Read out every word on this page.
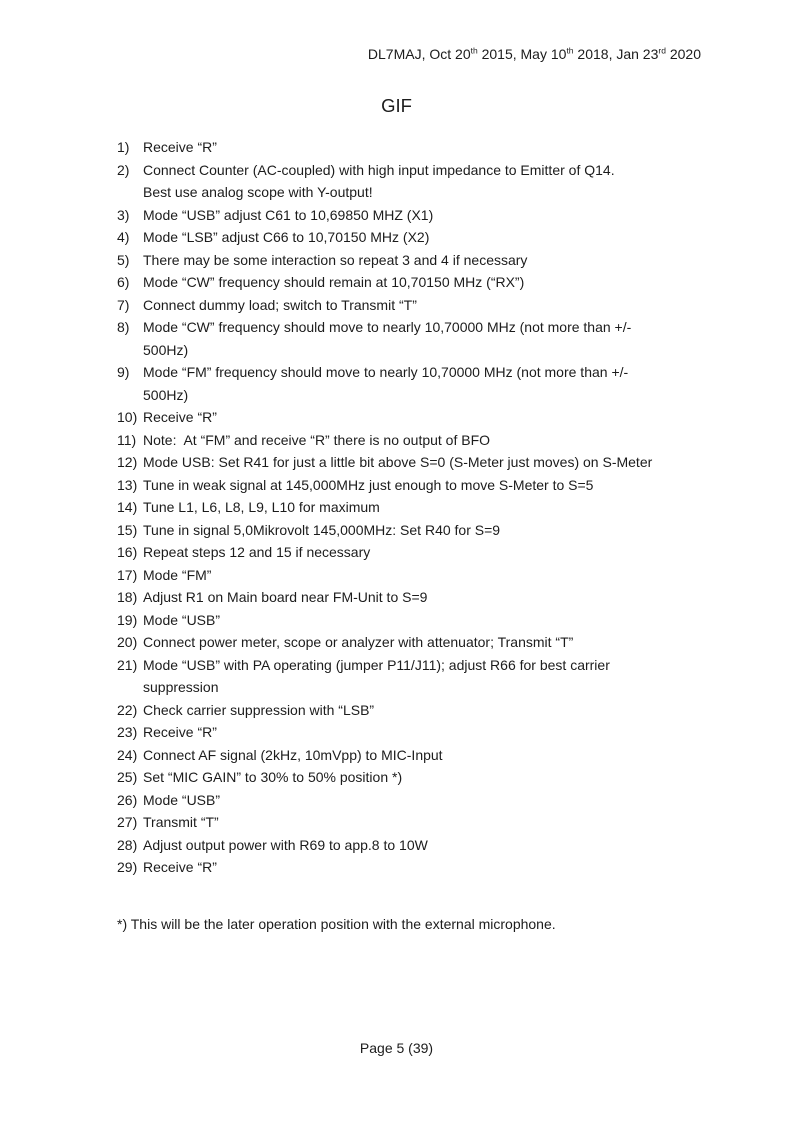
DL7MAJ, Oct 20th 2015, May 10th 2018, Jan 23rd 2020
GIF
1) Receive “R”
2) Connect Counter (AC-coupled) with high input impedance to Emitter of Q14.
Best use analog scope with Y-output!
3) Mode “USB” adjust C61 to 10,69850 MHZ (X1)
4) Mode “LSB” adjust C66 to 10,70150 MHz (X2)
5) There may be some interaction so repeat 3 and 4 if necessary
6) Mode “CW” frequency should remain at 10,70150 MHz (“RX”)
7) Connect dummy load; switch to Transmit “T”
8) Mode “CW” frequency should move to nearly 10,70000 MHz (not more than +/-
500Hz)
9) Mode “FM” frequency should move to nearly 10,70000 MHz (not more than +/-
500Hz)
10) Receive “R”
11) Note:  At “FM” and receive “R” there is no output of BFO
12) Mode USB: Set R41 for just a little bit above S=0 (S-Meter just moves) on S-Meter
13) Tune in weak signal at 145,000MHz just enough to move S-Meter to S=5
14) Tune L1, L6, L8, L9, L10 for maximum
15) Tune in signal 5,0Mikrovolt 145,000MHz: Set R40 for S=9
16) Repeat steps 12 and 15 if necessary
17) Mode “FM”
18) Adjust R1 on Main board near FM-Unit to S=9
19) Mode “USB”
20) Connect power meter, scope or analyzer with attenuator; Transmit “T”
21) Mode “USB” with PA operating (jumper P11/J11); adjust R66 for best carrier
suppression
22) Check carrier suppression with “LSB”
23) Receive “R”
24) Connect AF signal (2kHz, 10mVpp) to MIC-Input
25) Set “MIC GAIN” to 30% to 50% position *)
26) Mode “USB”
27) Transmit “T”
28) Adjust output power with R69 to app.8 to 10W
29) Receive “R”
*) This will be the later operation position with the external microphone.
Page 5 (39)
